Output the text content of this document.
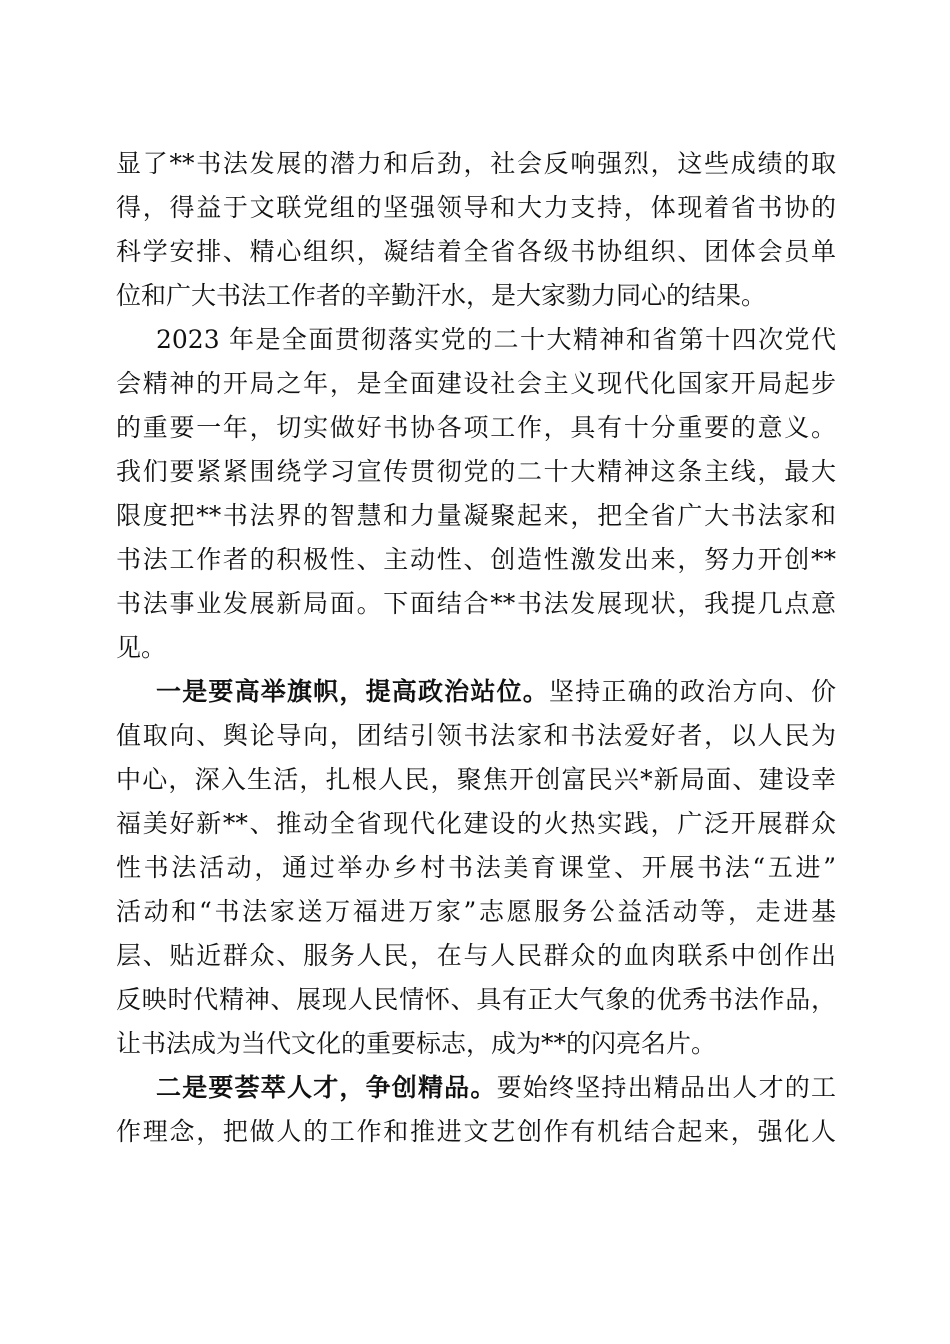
显了**书法发展的潜力和后劲，社会反响强烈，这些成绩的取
得，得益于文联党组的坚强领导和大力支持，体现着省书协的
科学安排、精心组织，凝结着全省各级书协组织、团体会员单
位和广大书法工作者的辛勤汗水，是大家勠力同心的结果。
2023 年是全面贯彻落实党的二十大精神和省第十四次党代
会精神的开局之年，是全面建设社会主义现代化国家开局起步
的重要一年，切实做好书协各项工作，具有十分重要的意义。
我们要紧紧围绕学习宣传贯彻党的二十大精神这条主线，最大
限度把**书法界的智慧和力量凝聚起来，把全省广大书法家和
书法工作者的积极性、主动性、创造性激发出来，努力开创**
书法事业发展新局面。下面结合**书法发展现状，我提几点意
见。
一是要高举旗帜，提高政治站位。坚持正确的政治方向、价
值取向、舆论导向，团结引领书法家和书法爱好者，以人民为
中心，深入生活，扎根人民，聚焦开创富民兴*新局面、建设幸
福美好新**、推动全省现代化建设的火热实践，广泛开展群众
性书法活动，通过举办乡村书法美育课堂、开展书法“五进”
活动和“书法家送万福进万家”志愿服务公益活动等，走进基
层、贴近群众、服务人民，在与人民群众的血肉联系中创作出
反映时代精神、展现人民情怀、具有正大气象的优秀书法作品，
让书法成为当代文化的重要标志，成为**的闪亮名片。
二是要荟萃人才，争创精品。要始终坚持出精品出人才的工
作理念，把做人的工作和推进文艺创作有机结合起来，强化人
